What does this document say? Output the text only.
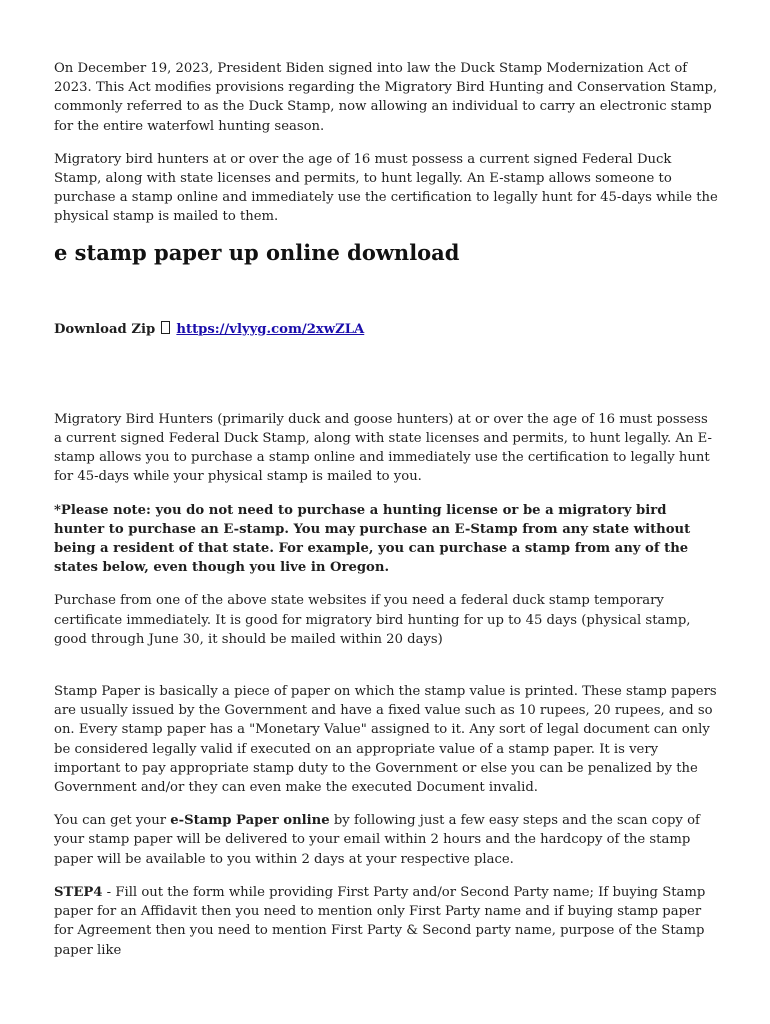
On December 19, 2023, President Biden signed into law the Duck Stamp Modernization Act of 2023. This Act modifies provisions regarding the Migratory Bird Hunting and Conservation Stamp, commonly referred to as the Duck Stamp, now allowing an individual to carry an electronic stamp for the entire waterfowl hunting season.

Migratory bird hunters at or over the age of 16 must possess a current signed Federal Duck Stamp, along with state licenses and permits, to hunt legally. An E-stamp allows someone to purchase a stamp online and immediately use the certification to legally hunt for 45-days while the physical stamp is mailed to them.

e stamp paper up online download

Download Zip  https://vlyyg.com/2xwZLA

Migratory Bird Hunters (primarily duck and goose hunters) at or over the age of 16 must possess a current signed Federal Duck Stamp, along with state licenses and permits, to hunt legally. An E-stamp allows you to purchase a stamp online and immediately use the certification to legally hunt for 45-days while your physical stamp is mailed to you.

*Please note: you do not need to purchase a hunting license or be a migratory bird hunter to purchase an E-stamp. You may purchase an E-Stamp from any state without being a resident of that state. For example, you can purchase a stamp from any of the states below, even though you live in Oregon.

Purchase from one of the above state websites if you need a federal duck stamp temporary certificate immediately. It is good for migratory bird hunting for up to 45 days (physical stamp, good through June 30, it should be mailed within 20 days)

Stamp Paper is basically a piece of paper on which the stamp value is printed. These stamp papers are usually issued by the Government and have a fixed value such as 10 rupees, 20 rupees, and so on. Every stamp paper has a "Monetary Value" assigned to it. Any sort of legal document can only be considered legally valid if executed on an appropriate value of a stamp paper. It is very important to pay appropriate stamp duty to the Government or else you can be penalized by the Government and/or they can even make the executed Document invalid.

You can get your e-Stamp Paper online by following just a few easy steps and the scan copy of your stamp paper will be delivered to your email within 2 hours and the hardcopy of the stamp paper will be available to you within 2 days at your respective place.

STEP4 - Fill out the form while providing First Party and/or Second Party name; If buying Stamp paper for an Affidavit then you need to mention only First Party name and if buying stamp paper for Agreement then you need to mention First Party & Second party name, purpose of the Stamp paper like
